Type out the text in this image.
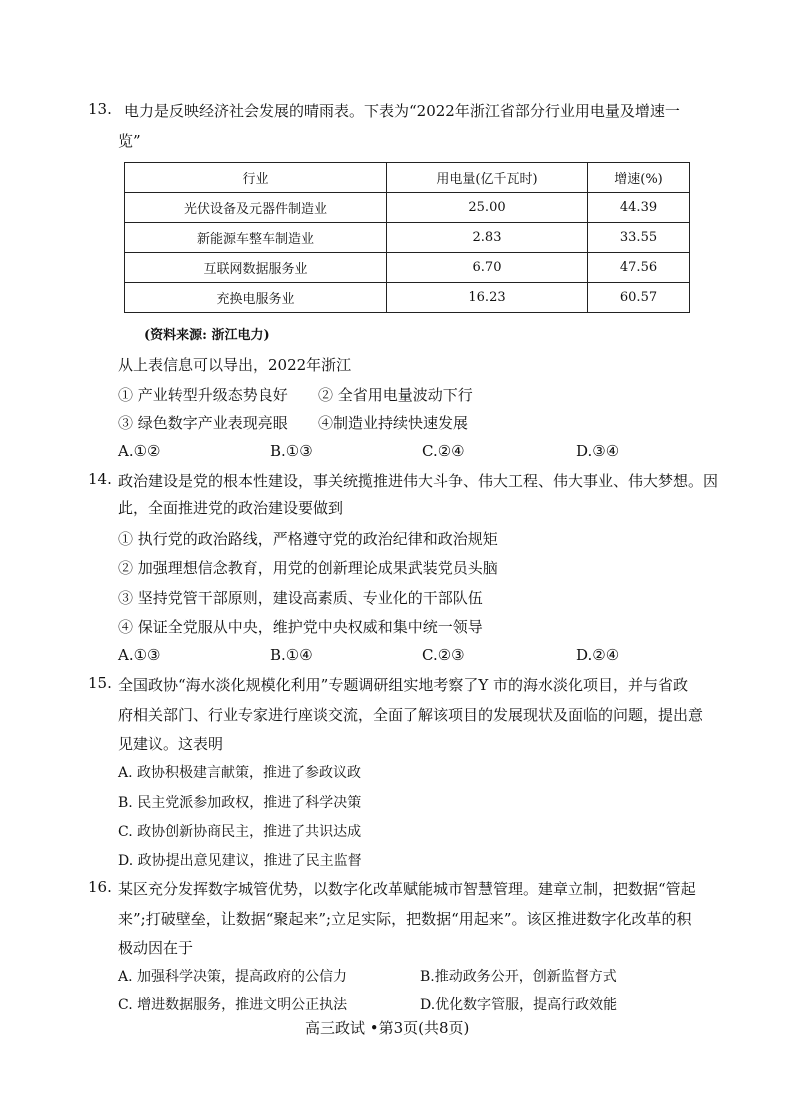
13. 电力是反映经济社会发展的晴雨表。下表为“2022年浙江省部分行业用电量及增速一
览”
行业	用电量(亿千瓦时)	增速(%)
光伏设备及元器件制造业	25.00	44.39
新能源车整车制造业	2.83	33.55
互联网数据服务业	6.70	47.56
充换电服务业	16.23	60.57
(资料来源: 浙江电力)
从上表信息可以导出，2022年浙江
① 产业转型升级态势良好 ② 全省用电量波动下行
③ 绿色数字产业表现亮眼 ④制造业持续快速发展
A.①②	B.①③	C.②④	D.③④
14. 政治建设是党的根本性建设，事关统揽推进伟大斗争、伟大工程、伟大事业、伟大梦想。因
此，全面推进党的政治建设要做到
① 执行党的政治路线，严格遵守党的政治纪律和政治规矩
② 加强理想信念教育，用党的创新理论成果武装党员头脑
③ 坚持党管干部原则，建设高素质、专业化的干部队伍
④ 保证全党服从中央，维护党中央权威和集中统一领导
A.①③	B.①④	C.②③	D.②④
15. 全国政协“海水淡化规模化利用”专题调研组实地考察了Y 市的海水淡化项目，并与省政
府相关部门、行业专家进行座谈交流，全面了解该项目的发展现状及面临的问题，提出意
见建议。这表明
A. 政协积极建言献策，推进了参政议政
B. 民主党派参加政权，推进了科学决策
C. 政协创新协商民主，推进了共识达成
D. 政协提出意见建议，推进了民主监督
16. 某区充分发挥数字城管优势，以数字化改革赋能城市智慧管理。建章立制，把数据“管起
来”;打破壁垒，让数据“聚起来”;立足实际，把数据“用起来”。该区推进数字化改革的积
极动因在于
A. 加强科学决策，提高政府的公信力	B.推动政务公开，创新监督方式
C. 增进数据服务，推进文明公正执法	D.优化数字管服，提高行政效能
高三政试 •第3页(共8页)
